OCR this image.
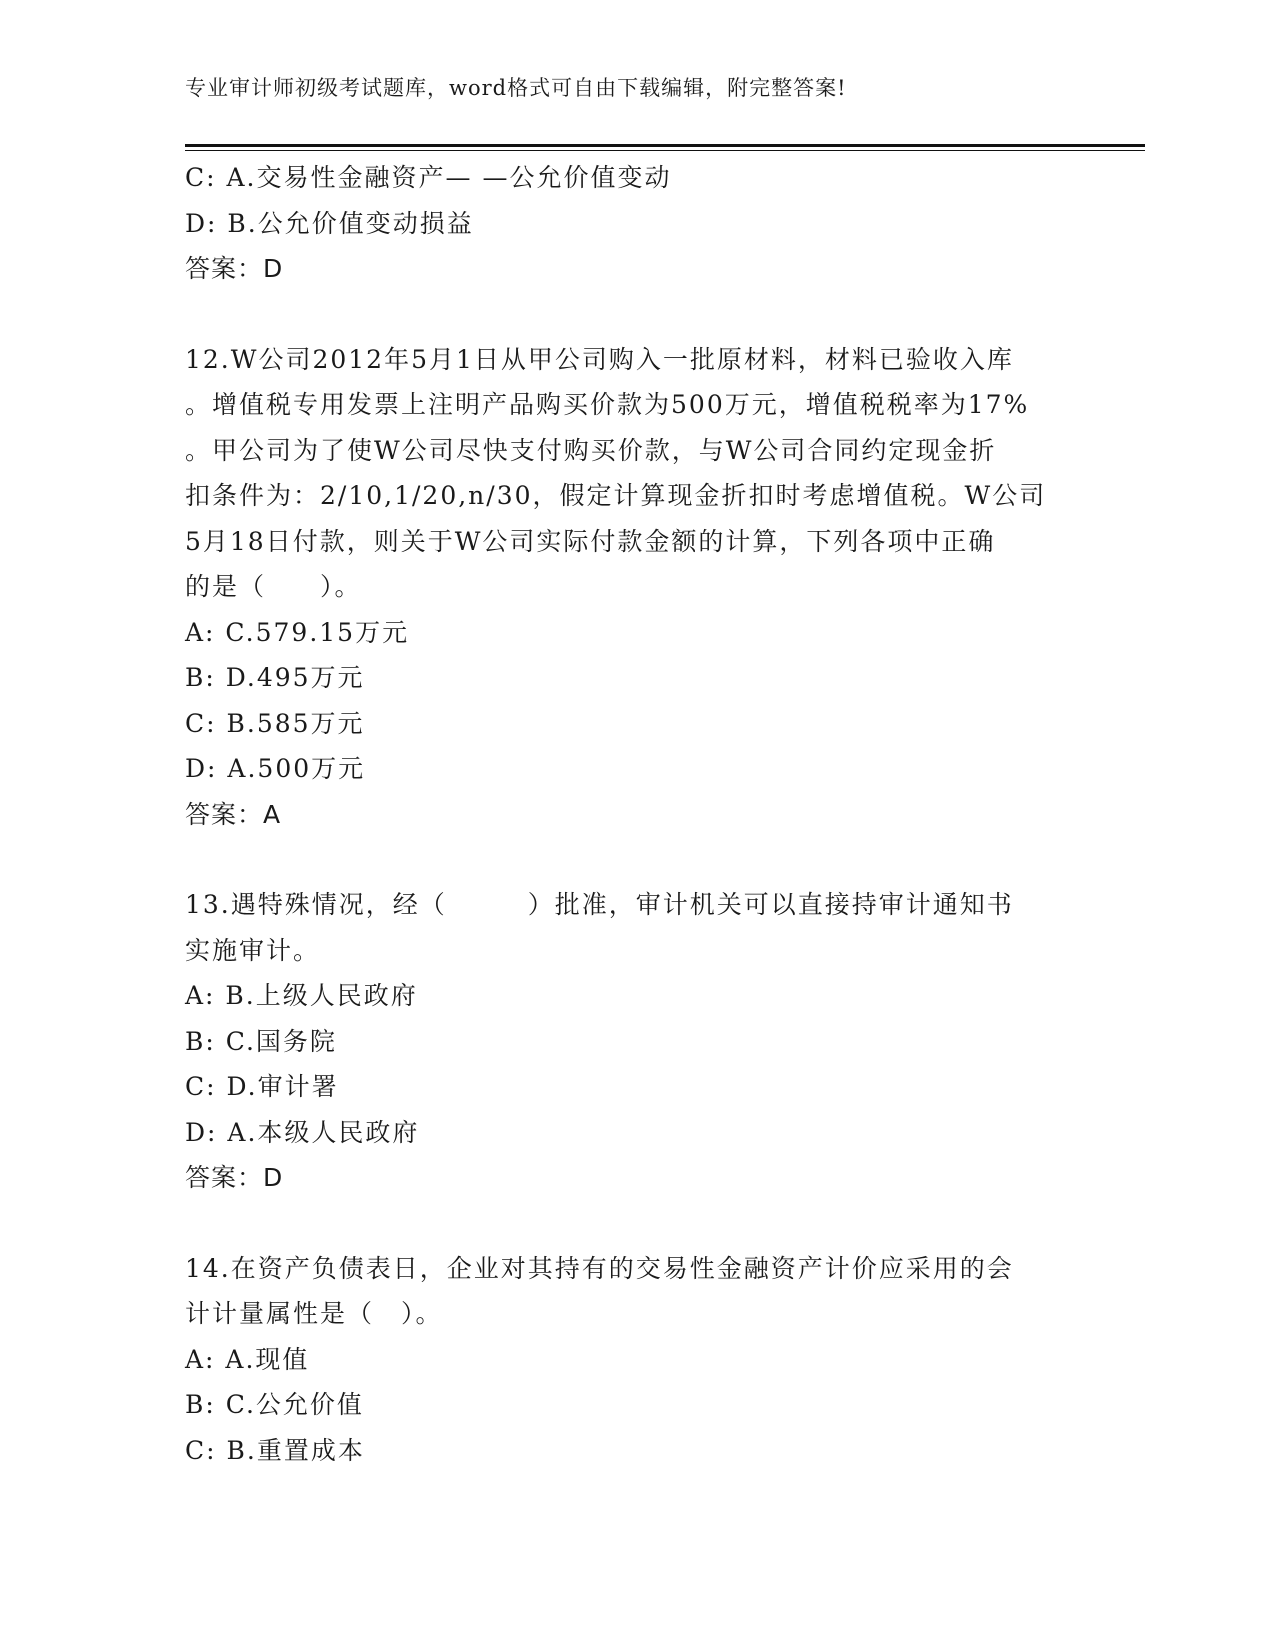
专业审计师初级考试题库，word格式可自由下载编辑，附完整答案!
C: A.交易性金融资产— —公允价值变动
D: B.公允价值变动损益
答案：D
12.W公司2012年5月1日从甲公司购入一批原材料，材料已验收入库
。增值税专用发票上注明产品购买价款为500万元，增值税税率为17%
。甲公司为了使W公司尽快支付购买价款，与W公司合同约定现金折
扣条件为：2/10,1/20,n/30，假定计算现金折扣时考虑增值税。W公司
5月18日付款，则关于W公司实际付款金额的计算，下列各项中正确
的是（　　）。
A: C.579.15万元
B: D.495万元
C: B.585万元
D: A.500万元
答案：A
13.遇特殊情况，经（　　　）批准，审计机关可以直接持审计通知书
实施审计。
A: B.上级人民政府
B: C.国务院
C: D.审计署
D: A.本级人民政府
答案：D
14.在资产负债表日，企业对其持有的交易性金融资产计价应采用的会
计计量属性是（　）。
A: A.现值
B: C.公允价值
C: B.重置成本
